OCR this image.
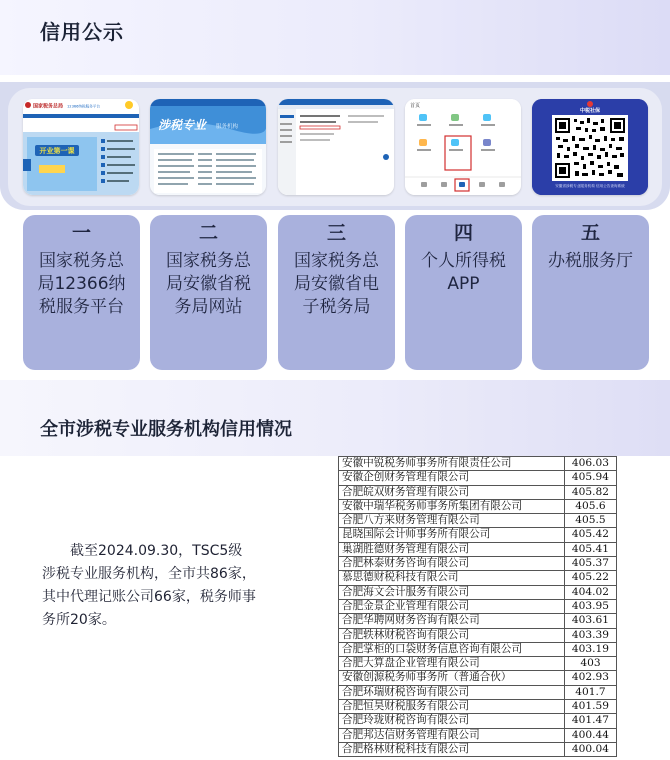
信用公示
国家税务总局 12366纳税服务平台
开业第一课
涉税专业	服务机构
首页
中税社保
安徽省涉税专业服务机构 信用公告查询系统
一
国家税务总局12366纳税服务平台
二
国家税务总局安徽省税务局网站
三
国家税务总局安徽省电子税务局
四
个人所得税APP
五
办税服务厅
全市涉税专业服务机构信用情况

截至2024.09.30，TSC5级涉税专业服务机构，全市共86家，其中代理记账公司66家，税务师事务所20家。

安徽中锐税务师事务所有限责任公司	406.03
安徽企创财务管理有限公司	405.94
合肥皖双财务管理有限公司	405.82
安徽中瑞华税务师事务所集团有限公司	405.6
合肥八方来财务管理有限公司	405.5
昆晓国际会计师事务所有限公司	405.42
巢湖胜德财务管理有限公司	405.41
合肥林泰财务咨询有限公司	405.37
慕思德财税科技有限公司	405.22
合肥海文会计服务有限公司	404.02
合肥金景企业管理有限公司	403.95
合肥华聘网财务咨询有限公司	403.61
合肥轶林财税咨询有限公司	403.39
合肥掌柜的口袋财务信息咨询有限公司	403.19
合肥大算盘企业管理有限公司	403
安徽创源税务师事务所（普通合伙）	402.93
合肥环瑞财税咨询有限公司	401.7
合肥恒昊财税服务有限公司	401.59
合肥玲珑财税咨询有限公司	401.47
合肥邦达信财务管理有限公司	400.44
合肥格林财税科技有限公司	400.04
